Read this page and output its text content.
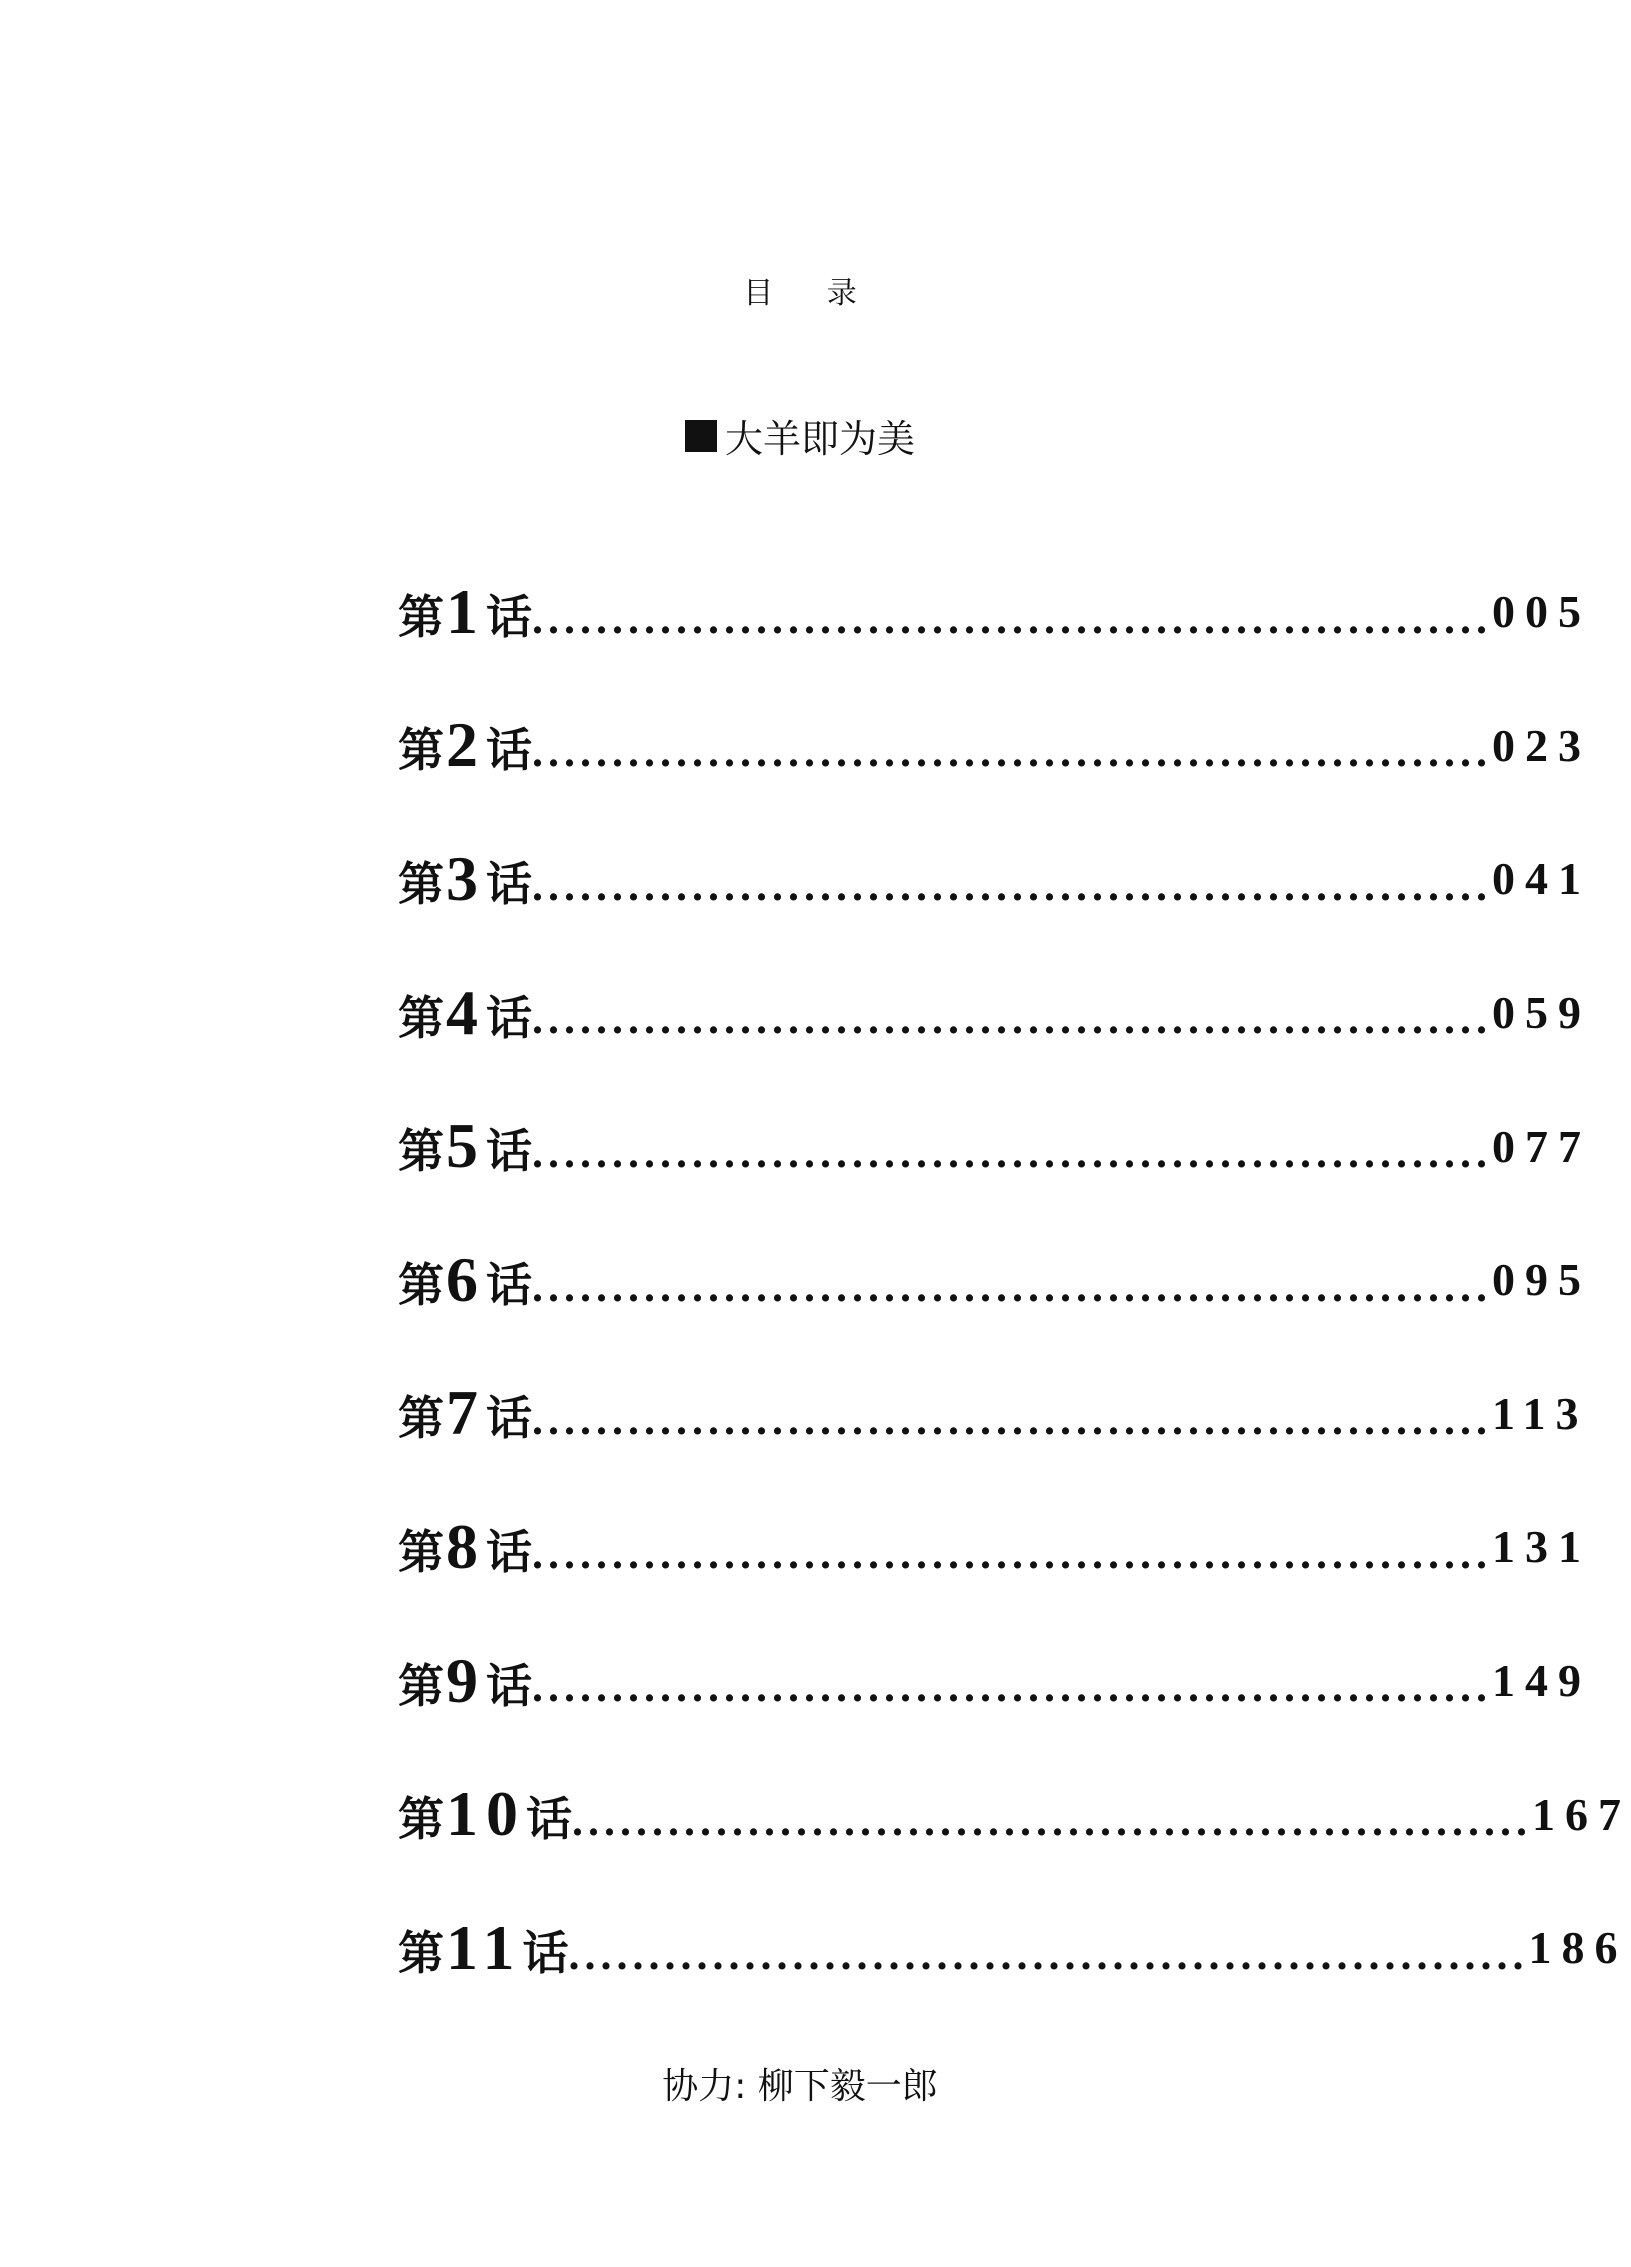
目 录
大羊即为美
第 1 话 ............................................................ 005
第 2 话 ............................................................ 023
第 3 话 ............................................................ 041
第 4 话 ............................................................ 059
第 5 话 ............................................................ 077
第 6 话 ............................................................ 095
第 7 话 ............................................................ 113
第 8 话 ............................................................ 131
第 9 话 ............................................................ 149
第 10 话 ............................................................ 167
第 11 话 ............................................................ 186
协力: 柳下毅一郎
